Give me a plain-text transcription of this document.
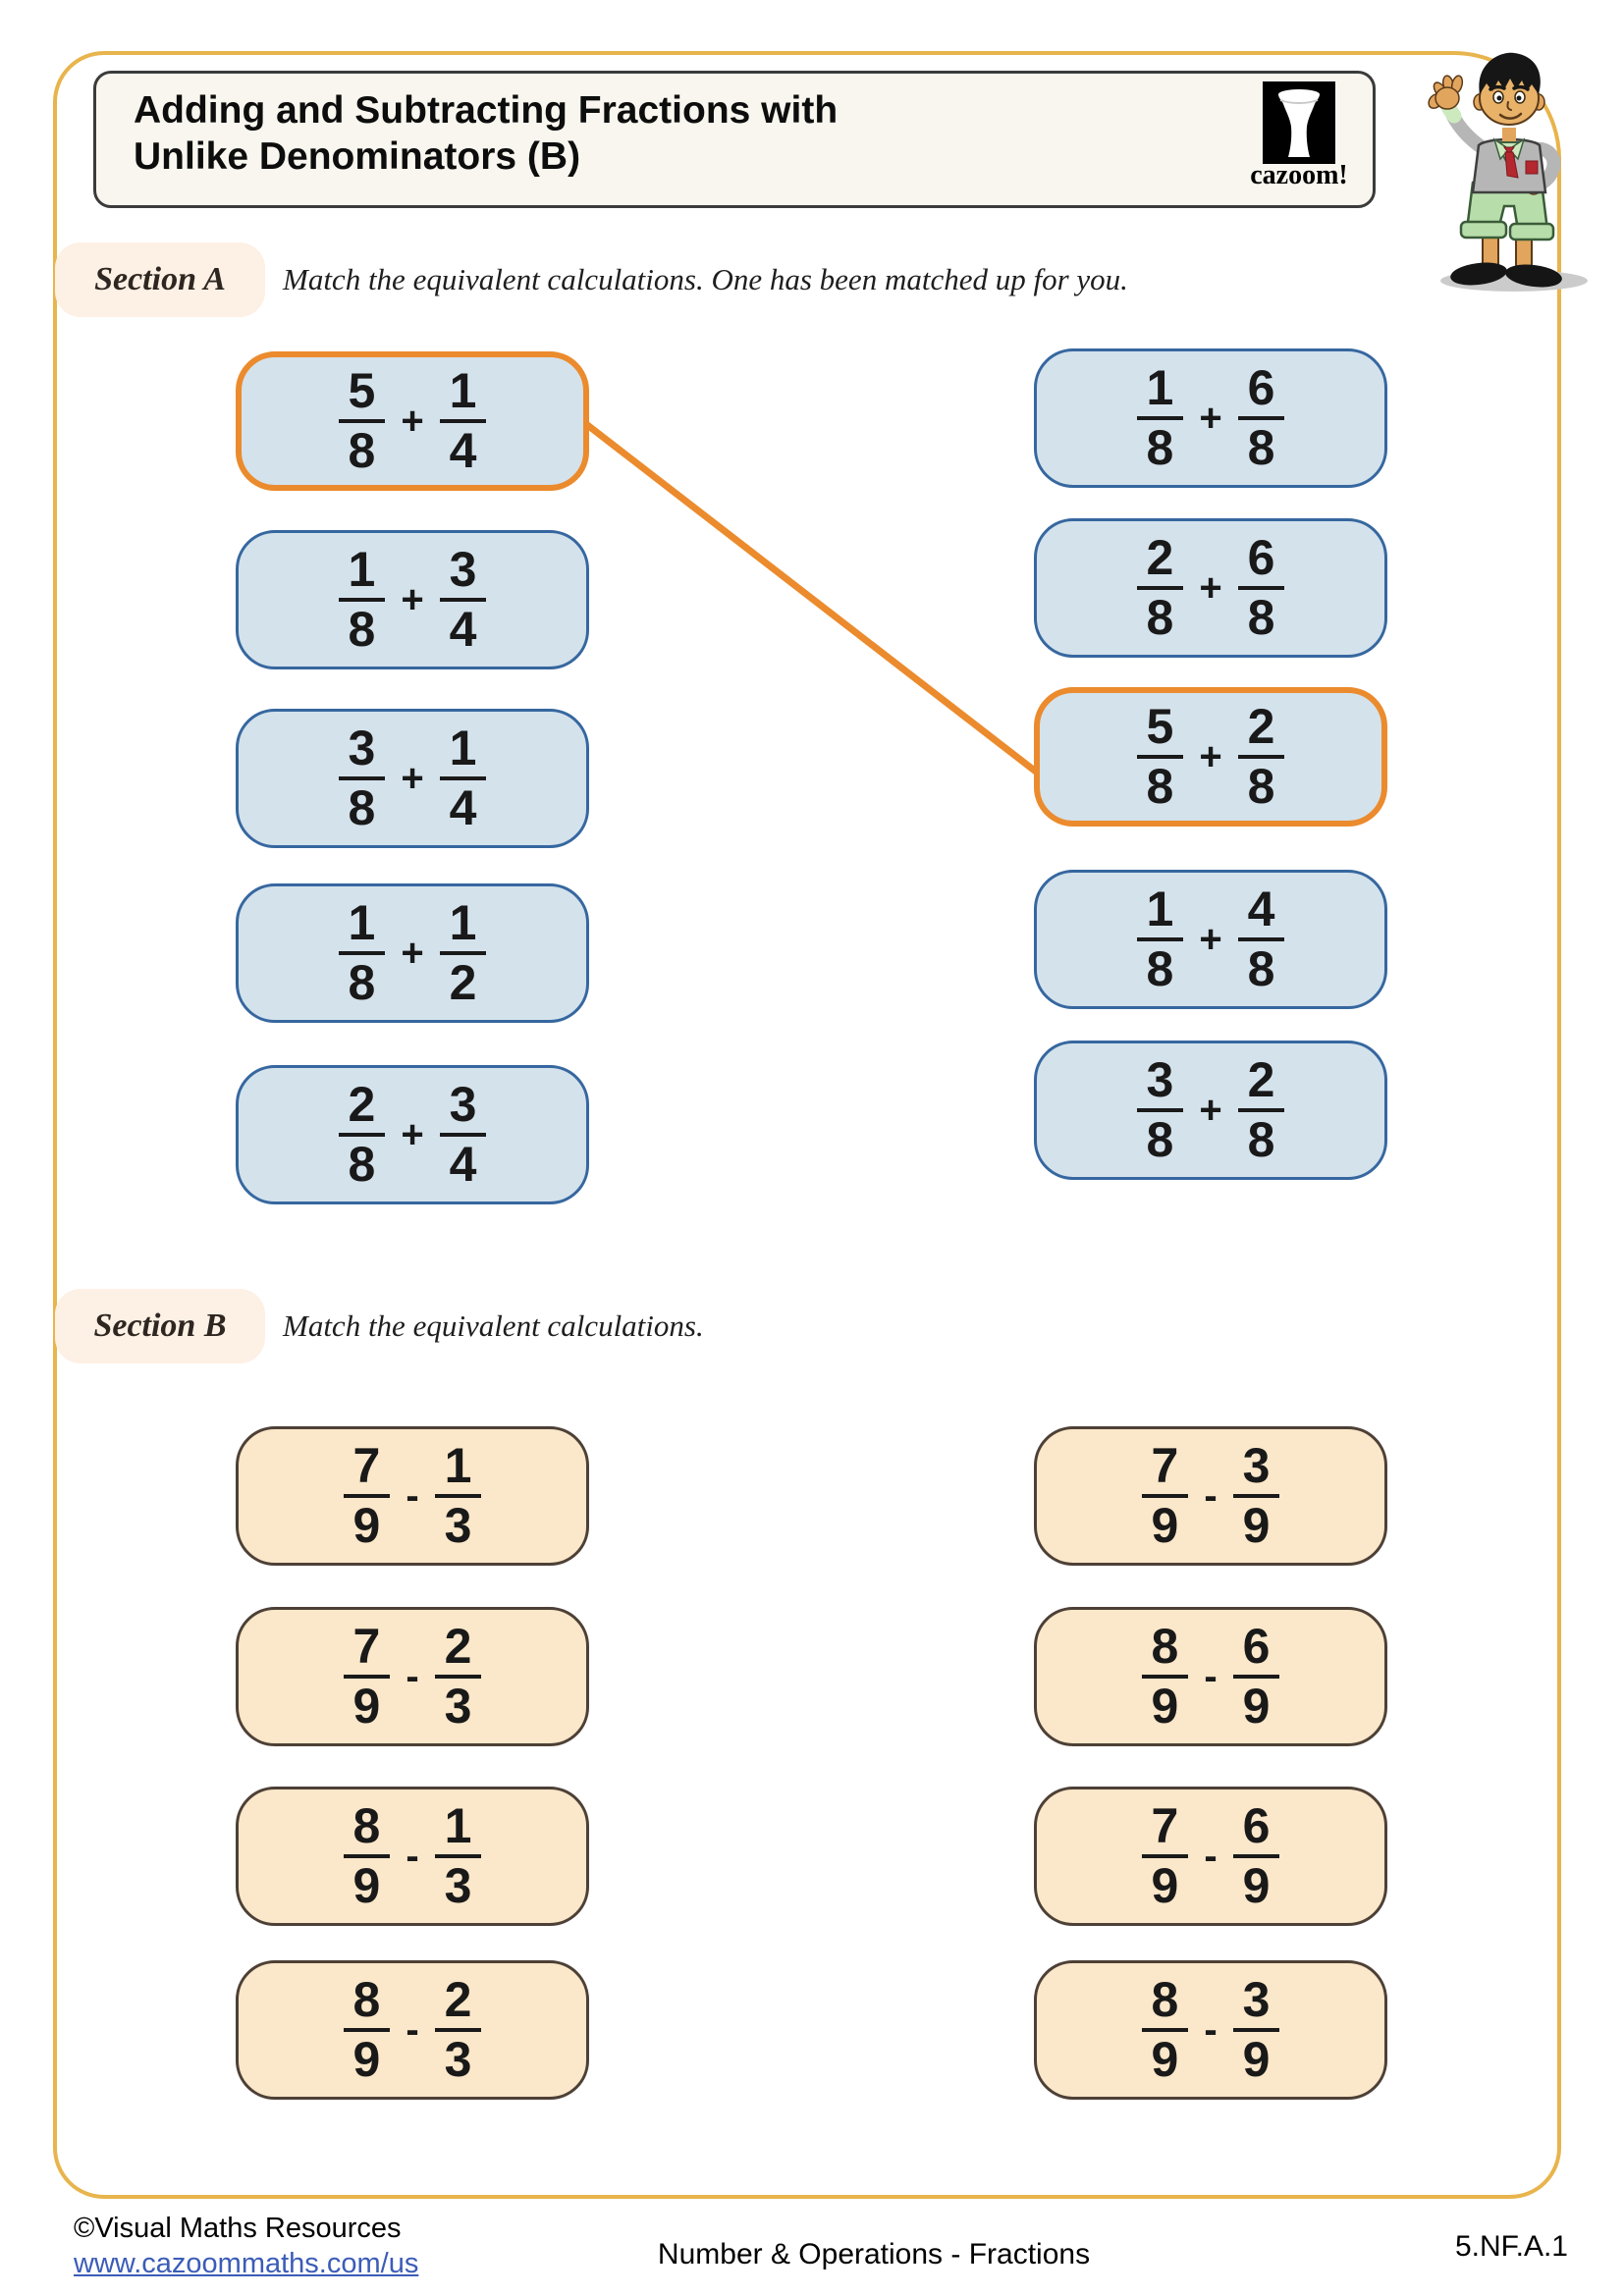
Adding and Subtracting Fractions with
Unlike Denominators (B)	cazoom!
Section A Match the equivalent calculations. One has been matched up for you.
$\frac{5}{8} + \frac{1}{4}$
$\frac{1}{8} + \frac{3}{4}$
$\frac{3}{8} + \frac{1}{4}$
$\frac{1}{8} + \frac{1}{2}$
$\frac{2}{8} + \frac{3}{4}$
$\frac{1}{8} + \frac{6}{8}$
$\frac{2}{8} + \frac{6}{8}$
$\frac{5}{8} + \frac{2}{8}$
$\frac{1}{8} + \frac{4}{8}$
$\frac{3}{8} + \frac{2}{8}$
Section B Match the equivalent calculations.
$\frac{7}{9} - \frac{1}{3}$
$\frac{7}{9} - \frac{2}{3}$
$\frac{8}{9} - \frac{1}{3}$
$\frac{8}{9} - \frac{2}{3}$
$\frac{7}{9} - \frac{3}{9}$
$\frac{8}{9} - \frac{6}{9}$
$\frac{7}{9} - \frac{6}{9}$
$\frac{8}{9} - \frac{3}{9}$
©Visual Maths Resources
www.cazoommaths.com/us	Number & Operations - Fractions	5.NF.A.1
